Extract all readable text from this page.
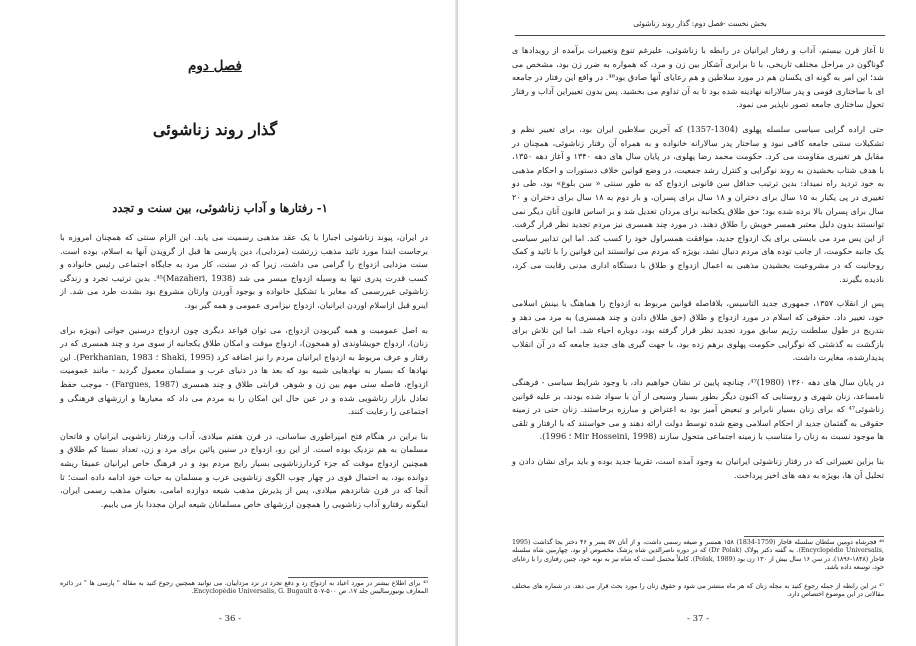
فصل دوم
گذار روند زناشوئی
۱- رفتارها و آداب زناشوئی، بین سنت و تجدد

در ایران، پیوند زناشوئی اجبارا با یک عقد مذهبی رسمیت می یابد. این الزام سنتی که همچنان امروزه با برجاست ابتدا مورد تائید مذهب زرتشت (مزدایی)، دین پارسی ها قبل از گرویدن آنها به اسلام، بوده است. سنت مزدایی ازدواج را گرامی می داشت، زیرا که در سنت، کار مرد به جایگاه اجتماعی رئیس خانواده و کسب قدرت پدری تنها به وسیله ازدواج میسر می شد (Mazaheri, 1938)⁴⁵. بدین ترتیب تجرد و زندگی زناشوئی غیررسمی که مغایر با تشکیل خانواده و بوجود آوردن وارثان مشروع بود بشدت طرد می شد. از اینرو قبل ازاسلام اوردن ایرانیان، ازدواج نیزامری عمومی و همه گیر بود.

به اصل عمومیت و همه گیربودن ازدواج، می توان قواعد دیگری چون ازدواج درسنین جوانی (بویژه برای زنان)، ازدواج خویشاوندی (و همخون)، ازدواج موقت و امکان طلاق یکجانبه از سوی مرد و چند همسری که در رفتار و عرف مربوط به ازدواج ایرانیان مردم را نیز اضافه کرد (Shaki, 1995 ؛ Perkhanian, 1983). این نهادها که بسیار به نهادهایی شبیه بود که بعد ها در دنیای عرب و مسلمان معمول گردید - مانند عمومیت ازدواج، فاصله سنی مهم بین زن و شوهر، قرابتی طلاق و چند همسری (Fargues, 1987) - موجب حفظ تعادل بازار زناشویی شده و در عین حال این امکان را به مردم می داد که معیارها و ارزشهای فرهنگی و اجتماعی را رعایت کنند.

بنا براین در هنگام فتح امپراطوری ساسانی، در قرن هفتم میلادی، آداب ورفتار زناشویی ایرانیان و فاتحان مسلمان به هم نزدیک بوده است. از این رو، ازدواج در سنین پائین برای مرد و زن، تعداد نسبتا کم طلاق و همچنین ازدواج موقت که جزء کردارزناشویی بسیار رایج مردم بود و در فرهنگ خاص ایرانیان عمیقا ریشه دوانده بود، به احتمال قوی در چهار چوب الگوی زناشویی عرب و مسلمان به حیات خود ادامه داده است؛ تا آنجا که در قرن شانزدهم میلادی، پس از پذیرش مذهب شیعه دوازده امامی، بعنوان مذهب رسمی ایران، اینگونه رفتارو آداب زناشویی را همچون ارزشهای خاص مسلمانان شیعه ایران مجددا باز می یابیم.

⁴⁵ برای اطلاع بیشتر در مورد اعیاد به ازدواج رد و دفع تجرد در نزد مزداییان، می توانید همچنین رجوع کنید به مقاله " پارسی ها " در دائره المعارف یونیورسالیس جلد ۱۷، ص ۵۰۰-۵۰۷ Encyclopédie Universalis, G. Bugault.
- 36 -
بخش نخست -فصل دوم: گذار روند زناشوئی

تا آغاز قرن بیستم، آداب و رفتار ایرانیان در رابطه با زناشوئی، علیرغم تنوع وتغییرات برآمده از رویدادها ی گوناگون در مراحل مختلف تاریخی، با تا برابری آشکار بین زن و مرد، که همواره به ضرر زن بود، مشخص می شد؛ این امر به گونه ای یکسان هم در مورد سلاطین و هم رعایای آنها صادق بود⁴⁶. در واقع این رفتار در جامعه ای با ساختاری قومی و پدر سالارانه نهادینه شده بود تا به آن تداوم می بخشید. پس بدون تغییراین آداب و رفتار تحول ساختاری جامعه تصور ناپذیر می نمود.

حتی اراده گرایی سیاسی سلسله پهلوی (1304-1357) که آخرین سلاطین ایران بود، برای تغییر نظم و تشکیلات سنتی جامعه کافی نبود و ساختار پدر سالارانه خانواده و به همراه آن رفتار زناشوئی، همچنان در مقابل هر تغییری مقاومت می کرد. حکومت محمد رضا پهلوی، در پایان سال های دهه ۱۳۴۰ و آغاز دهه ۱۳۵۰، با هدف شتاب بخشیدن به روند نوگرایی و کنترل رشد جمعیت، در وضع قوانین خلاف دستورات و احکام مذهبی به خود تردید راه نمیداد: بدین ترتیب حداقل سن قانونی ازدواج که به طور سنتی « سن بلوغ» بود، طی دو تغییری در پی یکبار به ۱۵ سال برای دختران و ۱۸ سال برای پسران، و بار دوم به ۱۸ سال برای دختران و ۲۰ سال برای پسران بالا برده شده بود؛ حق طلاق یکجانبه برای مردان تعدیل شد و بر اساس قانون آنان دیگر نمی توانستند بدون دلیل معتبر همسر خویش را طلاق دهند. در مورد چند همسری نیز مردم تجدید نظر قرار گرفت. از این پس مرد می بایستی برای یک ازدواج جدید، موافقت همسراول خود را کسب کند. اما این تدابیر سیاسی یک جانبه حکومت، از جانب توده های مردم دنبال نشد، بویژه که مردم می توانستند این قوانین را با تائید و کمک روحانیت که در مشروعیت بخشیدن مذهبی به اعمال ازدواج و طلاق با دستگاه اداری مدنی رقابت می کرد، نادیده بگیرند.

پس از انقلاب ۱۳۵۷، جمهوری جدید التاسیس، بلافاصله قوانین مربوط به ازدواج را هماهنگ با بینش اسلامی خود، تغییر داد. حقوقی که اسلام در مورد ازدواج و طلاق (حق طلاق دادن و چند همسری) به مرد می دهد و بتدریج در طول سلطنت رژیم سابق مورد تجدید نظر قرار گرفته بود، دوباره احیاء شد. اما این تلاش برای بازگشت به گذشتی که نوگرایی حکومت پهلوی برهم زده بود، با جهت گیری های جدید جامعه که در آن انقلاب پدیدارشده، مغایرت داشت.

در پایان سال های دهه ۱۳۶۰ (1980)⁴⁷، چنانچه پایین تر نشان خواهیم داد، با وجود شرایط سیاسی - فرهنگی نامساعد، زنان شهری و روستایی که اکنون دیگر بطور بسیار وسیعی از آن با سواد شده بودند، بر علیه قوانین زناشوئی⁴⁷ که برای زنان بسیار نابرابر و تبعیض آمیز بود به اعتراض و مبارزه برخاستند. زنان حتی در زمینه حقوقی به گفتمان جدید از احکام اسلامی وضع شده توسط دولت ارائه دهند و می خواستند که با ارفتار و تلقی ها موجود نسبت به زنان را متناسب با زمینه اجتماعی متحول سازند (Mir Hosseini, 1998 ؛ 1996).

بنا براین تغییراتی که در رفتار زناشوئی ایرانیان به وجود آمده است، تقریبا جدید بوده و باید برای نشان دادن و تحلیل آن ها، بویژه به دهه های اخیر پرداخت.

⁴⁶ قجرشاه دومین سلطان سلسله قاجار (1759-1834) ۱۵۸ همسر و صیغه رسمی داشت، و از آنان ۵۷ پسر و ۴۶ دختر بجا گذاشت (1995 ,Encyclopédie Universalis). به گفته دکتر پولاک (Dr Polak) که در دوره ناصرالدین شاه پزشک مخصوص او بود، چهارمین شاه سلسله قاجار (۱۸۴۸-۱۸۹۶)، در سن ۱۶ سال بیش از ۱۳۰ زن بود (Polak, 1989). کاملاً محتمل است که شاه نیز به نوبه خود، چنین رفتاری را با رعایای خود، توسعه داده باشد.
⁴⁷ در این رابطه از جمله رجوع کنید به مجله زنان که هر ماه منتشر می شود و حقوق زنان را مورد بحث قرار می دهد. در شماره های مختلف مقالاتی در این موضوع اختصاص دارد.
- 37 -
